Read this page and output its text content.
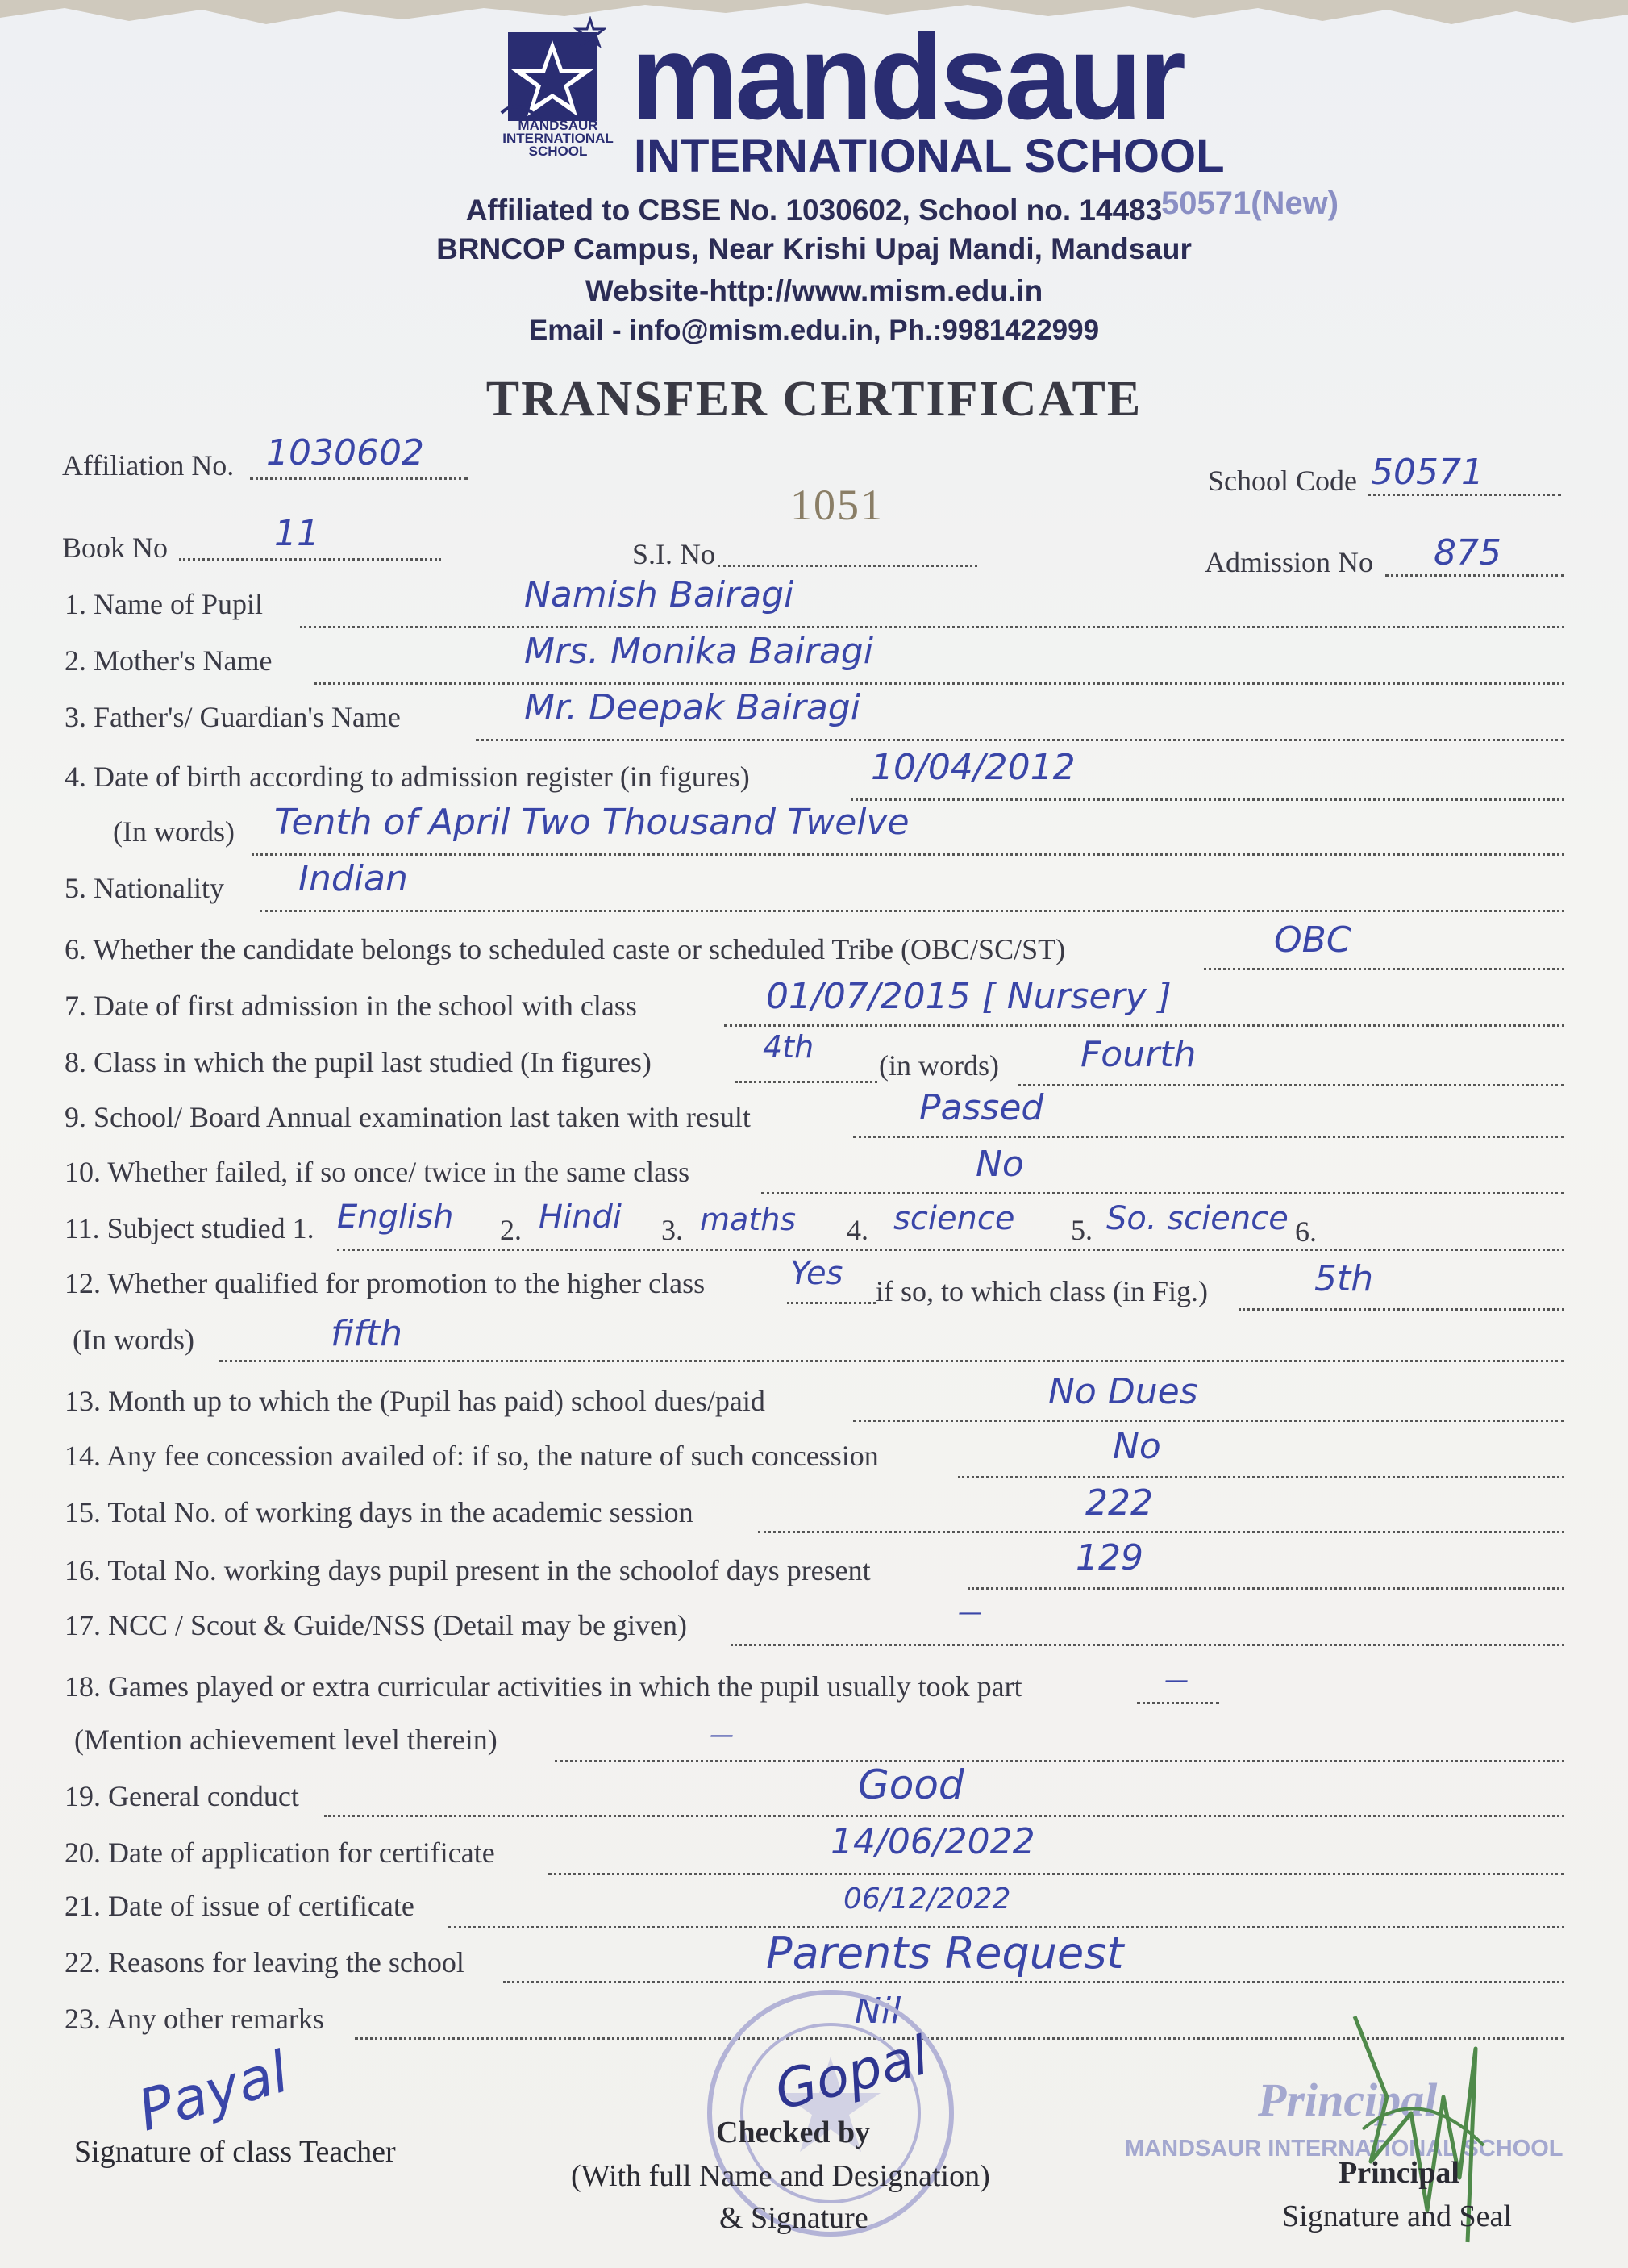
MANDSAUR
INTERNATIONAL
SCHOOL
mandsaur
INTERNATIONAL SCHOOL
Affiliated to CBSE No. 1030602, School no. 14483
BRNCOP Campus, Near Krishi Upaj Mandi, Mandsaur
Website-http://www.mism.edu.in
Email - info@mism.edu.in, Ph.:9981422999
50571(New)
TRANSFER CERTIFICATE
Affiliation No. 1030602
School Code 50571
1051
Book No	11	S.I. No	Admission No 875
1. Name of Pupil	Namish Bairagi
2. Mother's Name	Mrs. Monika Bairagi
3. Father's/ Guardian's Name	Mr. Deepak Bairagi
4. Date of birth according to admission register (in figures)	10/04/2012
(In words) Tenth of April Two Thousand Twelve
5. Nationality Indian
6. Whether the candidate belongs to scheduled caste or scheduled Tribe (OBC/SC/ST)	OBC
7. Date of first admission in the school with class	01/07/2015 [ Nursery ]
8. Class in which the pupil last studied (In figures)	4th
(in words) Fourth
9. School/ Board Annual examination last taken with result	Passed
10. Whether failed, if so once/ twice in the same class	No
11. Subject studied 1. English 2. Hindi 3. maths 4. science 5. So. science 6.
12. Whether qualified for promotion to the higher class	Yes if so, to which class (in Fig.)	5th
(In words)	fifth
13. Month up to which the (Pupil has paid) school dues/paid	No Dues
14. Any fee concession availed of: if so, the nature of such concession	No
15. Total No. of working days in the academic session	222
16. Total No. working days pupil present in the schoolof days present	129
17. NCC / Scout & Guide/NSS (Detail may be given)	—
18. Games played or extra curricular activities in which the pupil usually took part	—
(Mention achievement level therein)	—
19. General conduct	Good
20. Date of application for certificate	14/06/2022
21. Date of issue of certificate	06/12/2022
22. Reasons for leaving the school	Parents Request
23. Any other remarks	Nil
Payal
Signature of class Teacher
Gopal
Checked by
(With full Name and Designation)
& Signature
Principal
MANDSAUR INTERNATIONAL SCHOOL
Principal
Signature and Seal
